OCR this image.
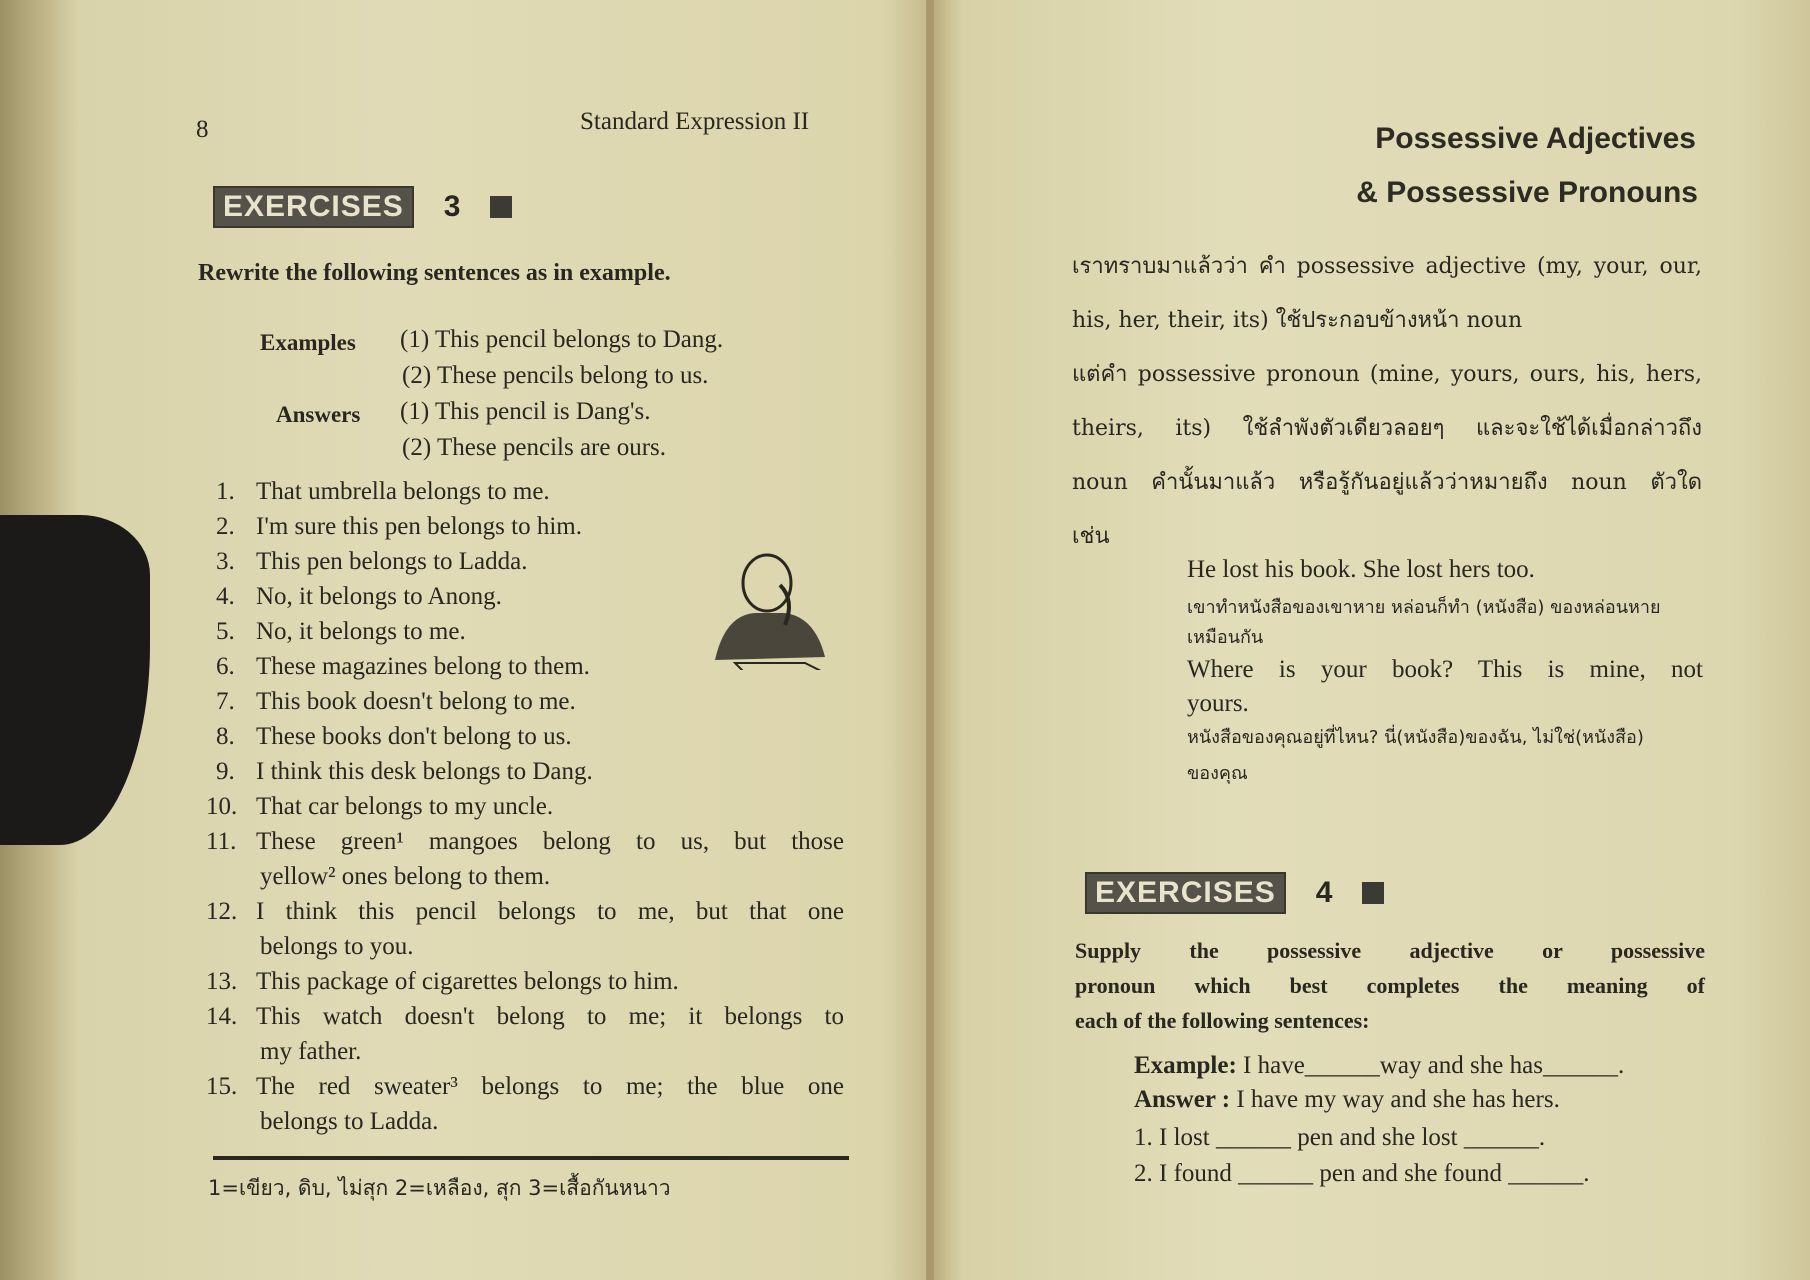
8	Standard Expression II
EXERCISES	3
Rewrite the following sentences as in example.
Examples (1) This pencil belongs to Dang.
(2) These pencils belong to us.
Answers (1) This pencil is Dang's.
(2) These pencils are ours.
1. That umbrella belongs to me.
2. I'm sure this pen belongs to him.
3. This pen belongs to Ladda.
4. No, it belongs to Anong.
5. No, it belongs to me.
6. These magazines belong to them.
7. This book doesn't belong to me.
8. These books don't belong to us.
9. I think this desk belongs to Dang.
10. That car belongs to my uncle.
11. These green¹ mangoes belong to us, but those
yellow² ones belong to them.
12. I think this pencil belongs to me, but that one
belongs to you.
13. This package of cigarettes belongs to him.
14. This watch doesn't belong to me; it belongs to
my father.
15. The red sweater³ belongs to me; the blue one
belongs to Ladda.
1=เขียว, ดิบ, ไม่สุก 2=เหลือง, สุก 3=เสื้อกันหนาว
Possessive Adjectives
& Possessive Pronouns
เราทราบมาแล้วว่า คำ possessive adjective (my, your, our,
his, her, their, its) ใช้ประกอบข้างหน้า noun
แต่คำ possessive pronoun (mine, yours, ours, his, hers,
theirs, its) ใช้ลำพังตัวเดียวลอยๆ และจะใช้ได้เมื่อกล่าวถึง
noun คำนั้นมาแล้ว หรือรู้กันอยู่แล้วว่าหมายถึง noun ตัวใด
เช่น
He lost his book. She lost hers too.
เขาทำหนังสือของเขาหาย หล่อนก็ทำ (หนังสือ) ของหล่อนหาย
เหมือนกัน
Where is your book? This is mine, not
yours.
หนังสือของคุณอยู่ที่ไหน? นี่(หนังสือ)ของฉัน, ไม่ใช่(หนังสือ)
ของคุณ
EXERCISES	4
Supply the possessive adjective or possessive
pronoun which best completes the meaning of
each of the following sentences:
Example: I have______way and she has______.
Answer : I have my way and she has hers.
1. I lost ______ pen and she lost ______.
2. I found ______ pen and she found ______.
